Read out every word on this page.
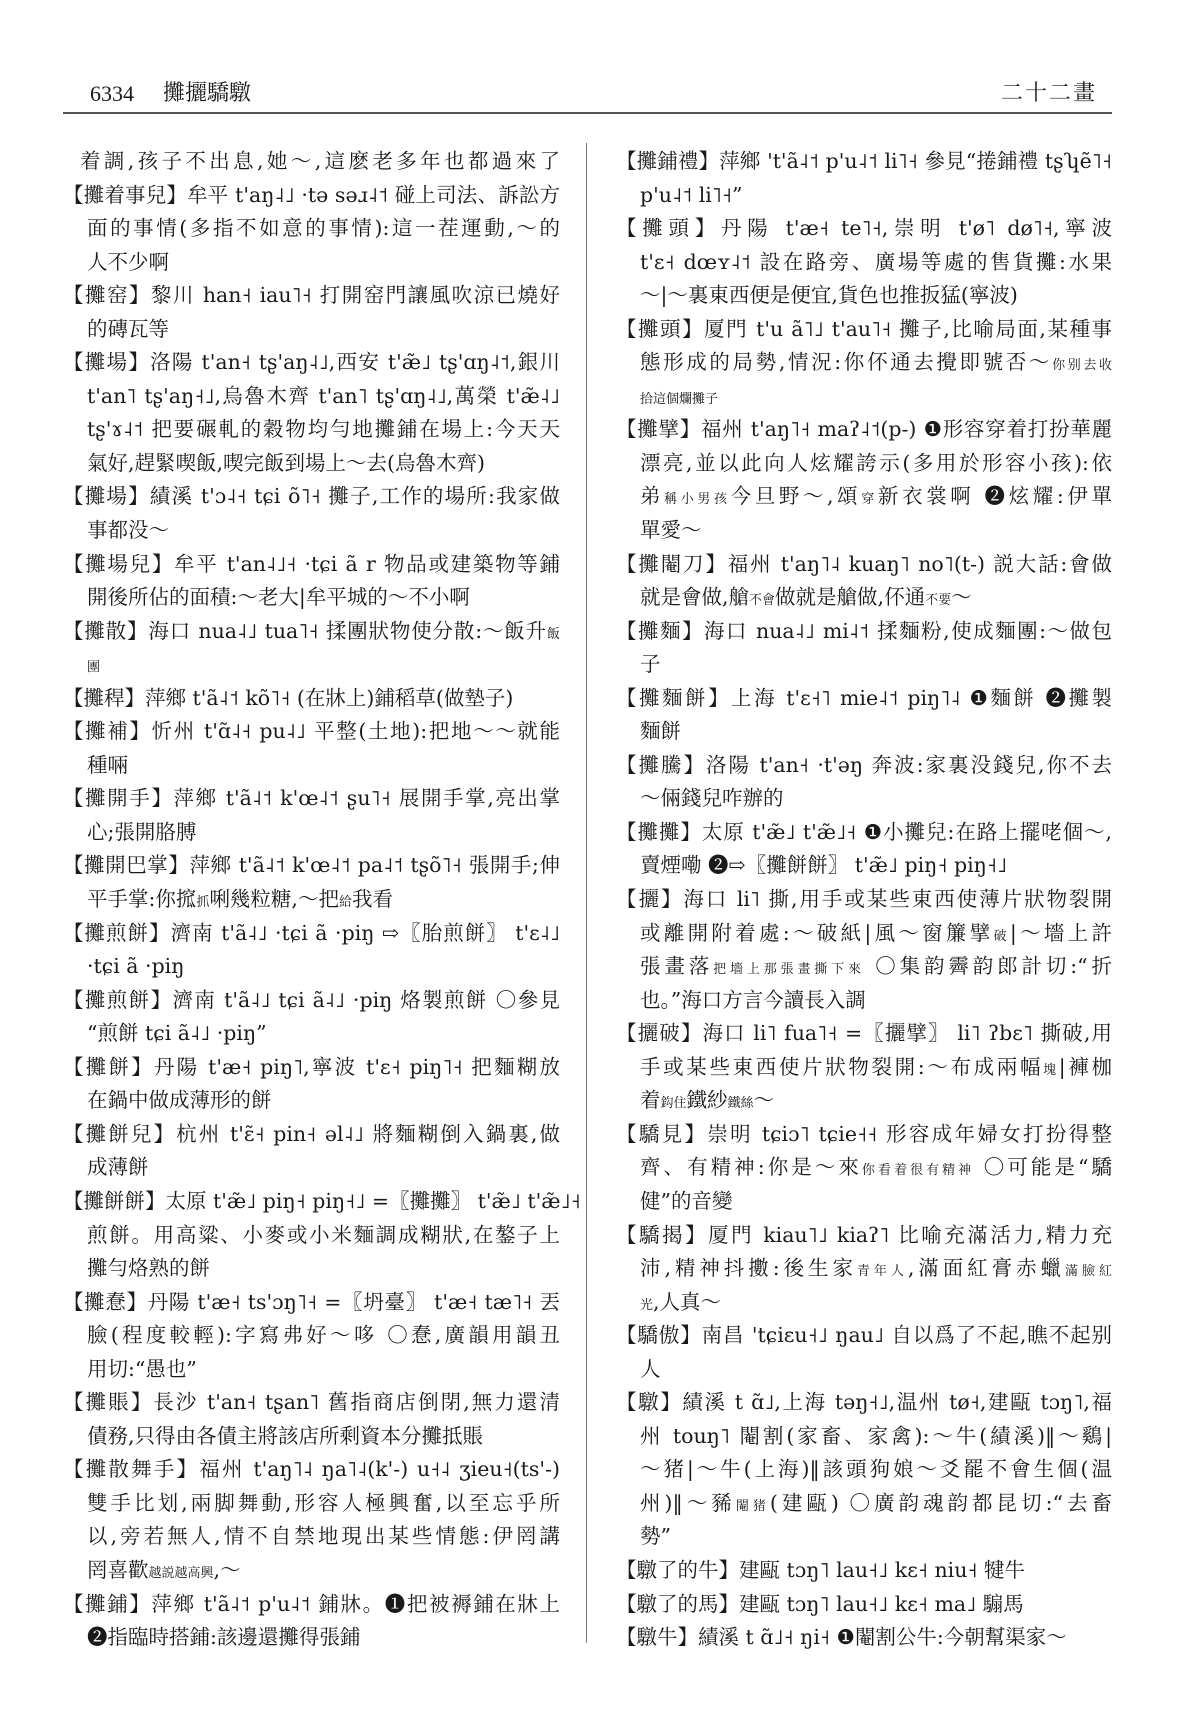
6334 攤攦驕驐	二十二畫
着調,孩子不出息,她～,這麽老多年也都過來了
【攤着事兒】牟平 t'aŋ˨˩ ·tə səɹ˨˦ 碰上司法、訴訟方
面的事情(多指不如意的事情):這一茬運動,～的
人不少啊
【攤窑】黎川 han˧ iau˥˧ 打開窑門讓風吹涼已燒好
的磚瓦等
【攤場】洛陽 t'an˧ tʂ'aŋ˨˩,西安 t'æ̃˩ tʂ'ɑŋ˨˦,銀川
t'an˥ tʂ'aŋ˧˩,烏魯木齊 t'an˥ tʂ'ɑŋ˨˩,萬榮 t'æ̃˨˩
tʂ'ɤ˨˦ 把要碾軋的穀物均勻地攤鋪在場上:今天天
氣好,趕緊喫飯,喫完飯到場上～去(烏魯木齊)
【攤場】績溪 t'ɔ˨˧ tɕi õ˥˧ 攤子,工作的場所:我家做
事都没～
【攤場兒】牟平 t'an˨˩˧ ·tɕi ã r 物品或建築物等鋪
開後所佔的面積:～老大|牟平城的～不小啊
【攤散】海口 nua˨˩ tua˥˧ 揉團狀物使分散:～飯升飯
團
【攤稈】萍鄉 t'ã˨˦ kõ˥˧ (在牀上)鋪稻草(做墊子)
【攤補】忻州 t'ɑ̃˨˧ pu˨˩ 平整(土地):把地～～就能
種啢
【攤開手】萍鄉 t'ã˨˦ k'œ˨˦ ʂu˥˧ 展開手掌,亮出掌
心;張開胳膊
【攤開巴掌】萍鄉 t'ã˨˦ k'œ˨˦ pa˨˦ tʂõ˥˧ 張開手;伸
平手掌:你搲抓唎幾粒糖,～把給我看
【攤煎餅】濟南 t'ã˨˩ ·tɕi ã ·piŋ ⇨〖胎煎餅〗 t'ɛ˨˩
·tɕi ã ·piŋ
【攤煎餅】濟南 t'ã˨˩ tɕi ã˨˩ ·piŋ 烙製煎餅 〇參見
“煎餅 tɕi ã˨˩ ·piŋ”
【攤餅】丹陽 t'æ˧ piŋ˥,寧波 t'ɛ˧ piŋ˥˧ 把麵糊放
在鍋中做成薄形的餅
【攤餅兒】杭州 t'ɛ̃˧ pin˧ əl˨˩ 將麵糊倒入鍋裏,做
成薄餅
【攤餅餅】太原 t'æ̃˩ piŋ˧ piŋ˧˩ =〖攤攤〗 t'æ̃˩ t'æ̃˩˧
煎餅。用高粱、小麥或小米麵調成糊狀,在鏊子上
攤勻烙熟的餅
【攤惷】丹陽 t'æ˧ ts'ɔŋ˥˧ =〖坍臺〗 t'æ˧ tæ˥˧ 丟
臉(程度較輕):字寫弗好～哆 〇惷,廣韻用韻丑
用切:“愚也”
【攤賬】長沙 t'an˧ tʂan˥ 舊指商店倒閉,無力還清
債務,只得由各債主將該店所剩資本分攤抵賬
【攤散舞手】福州 t'aŋ˥˨ ŋa˥˨(k'-) u˧˨ ʒieu˧(ts'-)
雙手比划,兩脚舞動,形容人極興奮,以至忘乎所
以,旁若無人,情不自禁地現出某些情態:伊罔講
罔喜歡越説越高興,～
【攤鋪】萍鄉 t'ã˨˦ p'u˨˦ 鋪牀。❶把被褥鋪在牀上
❷指臨時搭鋪:該邊還攤得張鋪
【攤鋪禮】萍鄉 't'ã˨˦ p'u˨˦ li˥˧ 參見“捲鋪禮 tʂʮẽ˥˧
p'u˨˦ li˥˧”
【攤頭】丹陽 t'æ˧ te˥˧,崇明 t'ø˥ dø˥˧,寧波
t'ɛ˧ dœʏ˨˦ 設在路旁、廣場等處的售貨攤:水果
～|～裏東西便是便宜,貨色也推扳猛(寧波)
【攤頭】厦門 t'u ã˥˩ t'au˥˧ 攤子,比喻局面,某種事
態形成的局勢,情況:你伓通去攪即號否～你别去收
拾這個爛攤子
【攤擘】福州 t'aŋ˥˧ maʔ˨˦(p-) ❶形容穿着打扮華麗
漂亮,並以此向人炫耀誇示(多用於形容小孩):依
弟稱小男孩今旦野～,頌穿新衣裳啊 ❷炫耀:伊單
單愛～
【攤閹刀】福州 t'aŋ˥˨ kuaŋ˥ no˥(t-) 説大話:會做
就是會做,艙不會做就是艙做,伓通不要～
【攤麵】海口 nua˨˩ mi˨˦ 揉麵粉,使成麵團:～做包
子
【攤麵餅】上海 t'ɛ˧˥ mie˨˦ piŋ˥˨ ❶麵餅 ❷攤製
麵餅
【攤騰】洛陽 t'an˧ ·t'əŋ 奔波:家裏没錢兒,你不去
～倆錢兒咋辦的
【攤攤】太原 t'æ̃˩ t'æ̃˩˧ ❶小攤兒:在路上擺咾個～,
賣煙嘞 ❷⇨〖攤餅餅〗 t'æ̃˩ piŋ˧ piŋ˧˩
【攦】海口 li˥ 撕,用手或某些東西使薄片狀物裂開
或離開附着處:～破紙|風～窗簾擘破|～墻上許
張畫落把墻上那張畫撕下來 〇集韵霽韵郎計切:“折
也。”海口方言今讀長入調
【攦破】海口 li˥ fua˥˧ =〖攦擘〗 li˥ ʔbɛ˥ 撕破,用
手或某些東西使片狀物裂開:～布成兩幅塊|褲枷
着鈎住鐵紗鐵絲～
【驕見】崇明 tɕiɔ˥ tɕie˧˧ 形容成年婦女打扮得整
齊、有精神:你是～來你看着很有精神 〇可能是“驕
健”的音變
【驕揭】厦門 kiau˥˩ kiaʔ˥ 比喻充滿活力,精力充
沛,精神抖擻:後生家青年人,滿面紅膏赤蠟滿臉紅
光,人真～
【驕傲】南昌 'tɕiɛu˧˩ ŋau˩ 自以爲了不起,瞧不起别
人
【驐】績溪 t ɑ̃˩,上海 təŋ˧˩,温州 tø˧,建甌 tɔŋ˥,福
州 touŋ˥ 閹割(家畜、家禽):～牛(績溪)‖～鷄|
～猪|～牛(上海)‖該頭狗娘～爻罷不會生個(温
州)‖～豨閹猪(建甌) 〇廣韵魂韵都昆切:“去畜
勢”
【驐了的牛】建甌 tɔŋ˥ lau˧˩ kɛ˧ niu˧ 犍牛
【驐了的馬】建甌 tɔŋ˥ lau˧˩ kɛ˧ ma˩ 騸馬
【驐牛】績溪 t ɑ̃˩˧ ŋi˧ ❶閹割公牛:今朝幫渠家～
